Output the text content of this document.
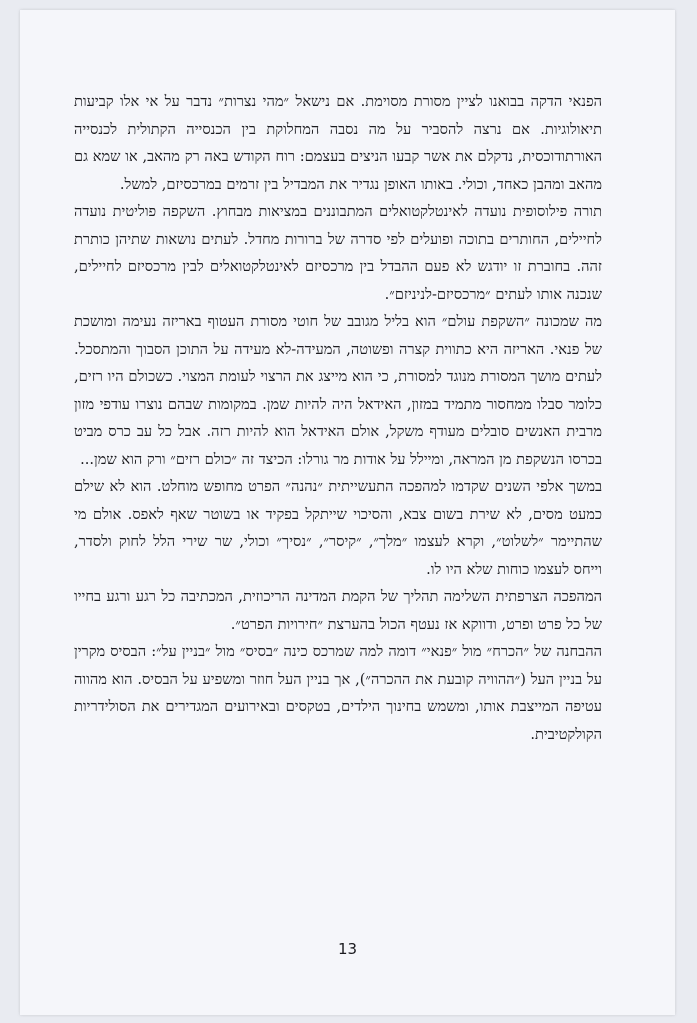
הפנאי הדקה בבואנו לציין מסורת מסוימת. אם נישאל ״מהי נצרות״ נדבר על אי אלו קביעות תיאולוגיות. אם נרצה להסביר על מה נסבה המחלוקת בין הכנסייה הקתולית לכנסייה האורתודוכסית, נדקלם את אשר קבעו הניצים בעצמם: רוח הקודש באה רק מהאב, או שמא גם מהאב ומהבן כאחד, וכולי. באותו האופן נגדיר את המבדיל בין זרמים במרכסיזם, למשל.

תורה פילוסופית נועדה לאינטלקטואלים המתבוננים במציאות מבחוץ. השקפה פוליטית נועדה לחיילים, החותרים בתוכה ופועלים לפי סדרה של ברורות מחדל. לעתים נושאות שתיהן כותרת זהה. בחוברת זו יודגש לא פעם ההבדל בין מרכסיזם לאינטלקטואלים לבין מרכסיזם לחיילים, שנכנה אותו לעתים ״מרכסיזם-לניניזם״.

מה שמכונה ״השקפת עולם״ הוא בליל מגובב של חוטי מסורת העטוף באריזה נעימה ומושכת של פנאי. האריזה היא כתווית קצרה ופשוטה, המעידה-לא מעידה על התוכן הסבוך והמתסכל. לעתים מושך המסורת מנוגד למסורת, כי הוא מייצג את הרצוי לעומת המצוי. כשכולם היו רזים, כלומר סבלו ממחסור מתמיד במזון, האידאל היה להיות שמן. במקומות שבהם נוצרו עודפי מזון מרבית האנשים סובלים מעודף משקל, אולם האידאל הוא להיות רזה. אבל כל עב כרס מביט בכרסו הנשקפת מן המראה, ומיילל על אודות מר גורלו: הכיצד זה ״כולם רזים״ ורק הוא שמן...

במשך אלפי השנים שקדמו למהפכה התעשייתית ״נהנה״ הפרט מחופש מוחלט. הוא לא שילם כמעט מסים, לא שירת בשום צבא, והסיכוי שייתקל בפקיד או בשוטר שאף לאפס. אולם מי שהתיימר ״לשלוט״, וקרא לעצמו ״מלך״, ״קיסר״, ״נסיך״ וכולי, שר שירי הלל לחוק ולסדר, וייחס לעצמו כוחות שלא היו לו.

המהפכה הצרפתית השלימה תהליך של הקמת המדינה הריכוזית, המכתיבה כל רגע ורגע בחייו של כל פרט ופרט, ודווקא אז נעטף הכול בהערצת ״חירויות הפרט״.

ההבחנה של ״הכרח״ מול ״פנאי״ דומה למה שמרכס כינה ״בסיס״ מול ״בניין על״: הבסיס מקרין על בניין העל (״ההוויה קובעת את ההכרה״), אך בניין העל חוזר ומשפיע על הבסיס. הוא מהווה עטיפה המייצבת אותו, ומשמש בחינוך הילדים, בטקסים ובאירועים המגדירים את הסולידריות הקולקטיבית.

13
